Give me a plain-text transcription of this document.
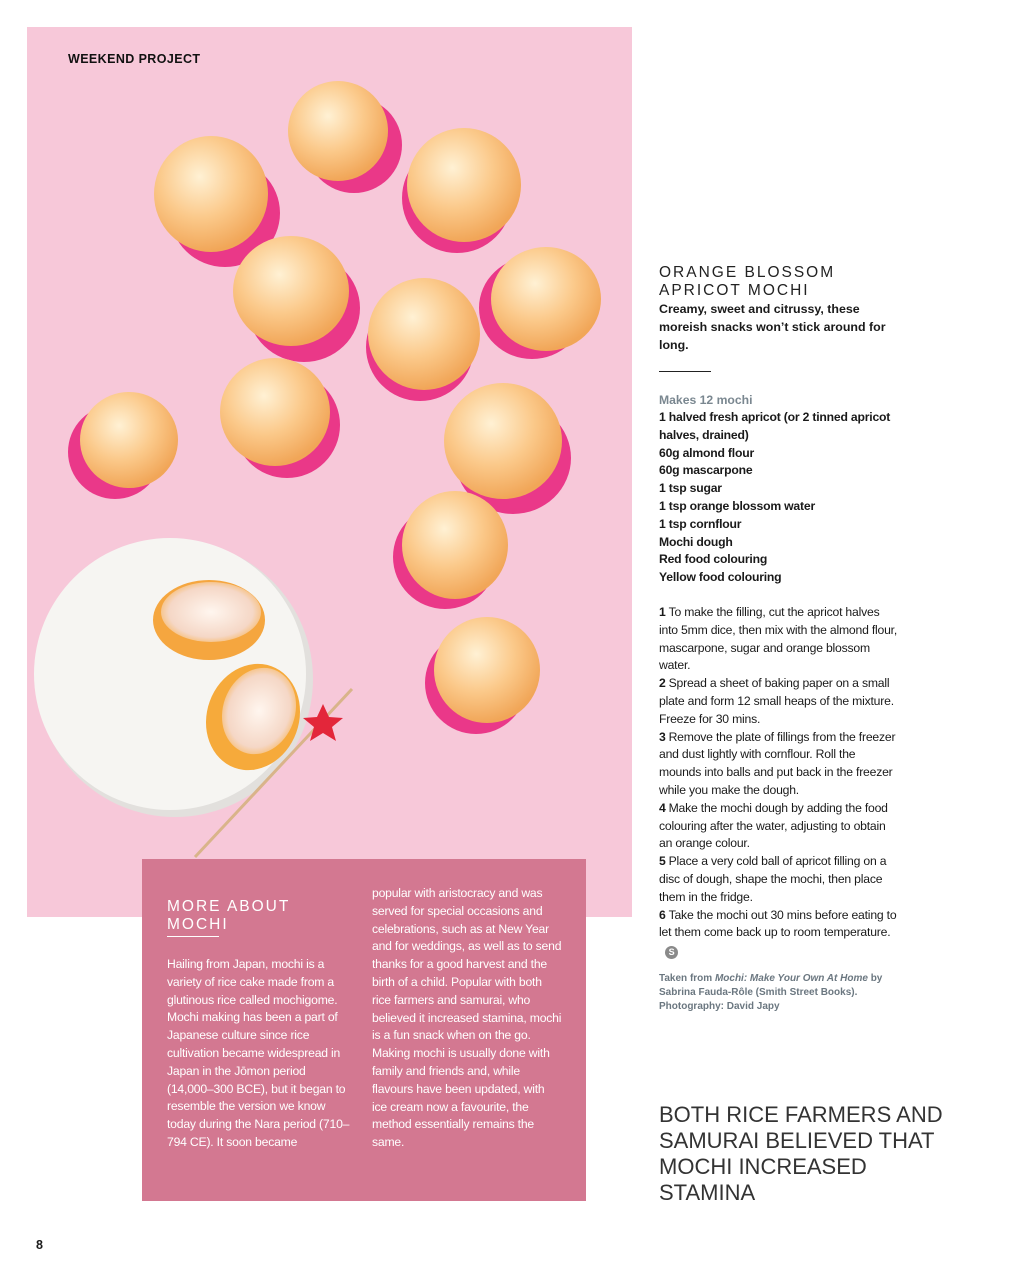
WEEKEND PROJECT
MORE ABOUT MOCHI
Hailing from Japan, mochi is a variety of rice cake made from a glutinous rice called mochigome. Mochi making has been a part of Japanese culture since rice cultivation became widespread in Japan in the Jōmon period (14,000–300 BCE), but it began to resemble the version we know today during the Nara period (710–794 CE). It soon became
popular with aristocracy and was served for special occasions and celebrations, such as at New Year and for weddings, as well as to send thanks for a good harvest and the birth of a child. Popular with both rice farmers and samurai, who believed it increased stamina, mochi is a fun snack when on the go. Making mochi is usually done with family and friends and, while flavours have been updated, with ice cream now a favourite, the method essentially remains the same.
ORANGE BLOSSOM APRICOT MOCHI
Creamy, sweet and citrussy, these moreish snacks won’t stick around for long.
Makes 12 mochi
1 halved fresh apricot (or 2 tinned apricot halves, drained)
60g almond flour
60g mascarpone
1 tsp sugar
1 tsp orange blossom water
1 tsp cornflour
Mochi dough
Red food colouring
Yellow food colouring

1 To make the filling, cut the apricot halves into 5mm dice, then mix with the almond flour, mascarpone, sugar and orange blossom water.

2 Spread a sheet of baking paper on a small plate and form 12 small heaps of the mixture. Freeze for 30 mins.

3 Remove the plate of fillings from the freezer and dust lightly with cornflour. Roll the mounds into balls and put back in the freezer while you make the dough.

4 Make the mochi dough by adding the food colouring after the water, adjusting to obtain an orange colour.

5 Place a very cold ball of apricot filling on a disc of dough, shape the mochi, then place them in the fridge.

6 Take the mochi out 30 mins before eating to let them come back up to room temperature.S

Taken from Mochi: Make Your Own At Home by Sabrina Fauda-Rôle (Smith Street Books). Photography: David Japy
BOTH RICE FARMERS AND SAMURAI BELIEVED THAT MOCHI INCREASED STAMINA
8
